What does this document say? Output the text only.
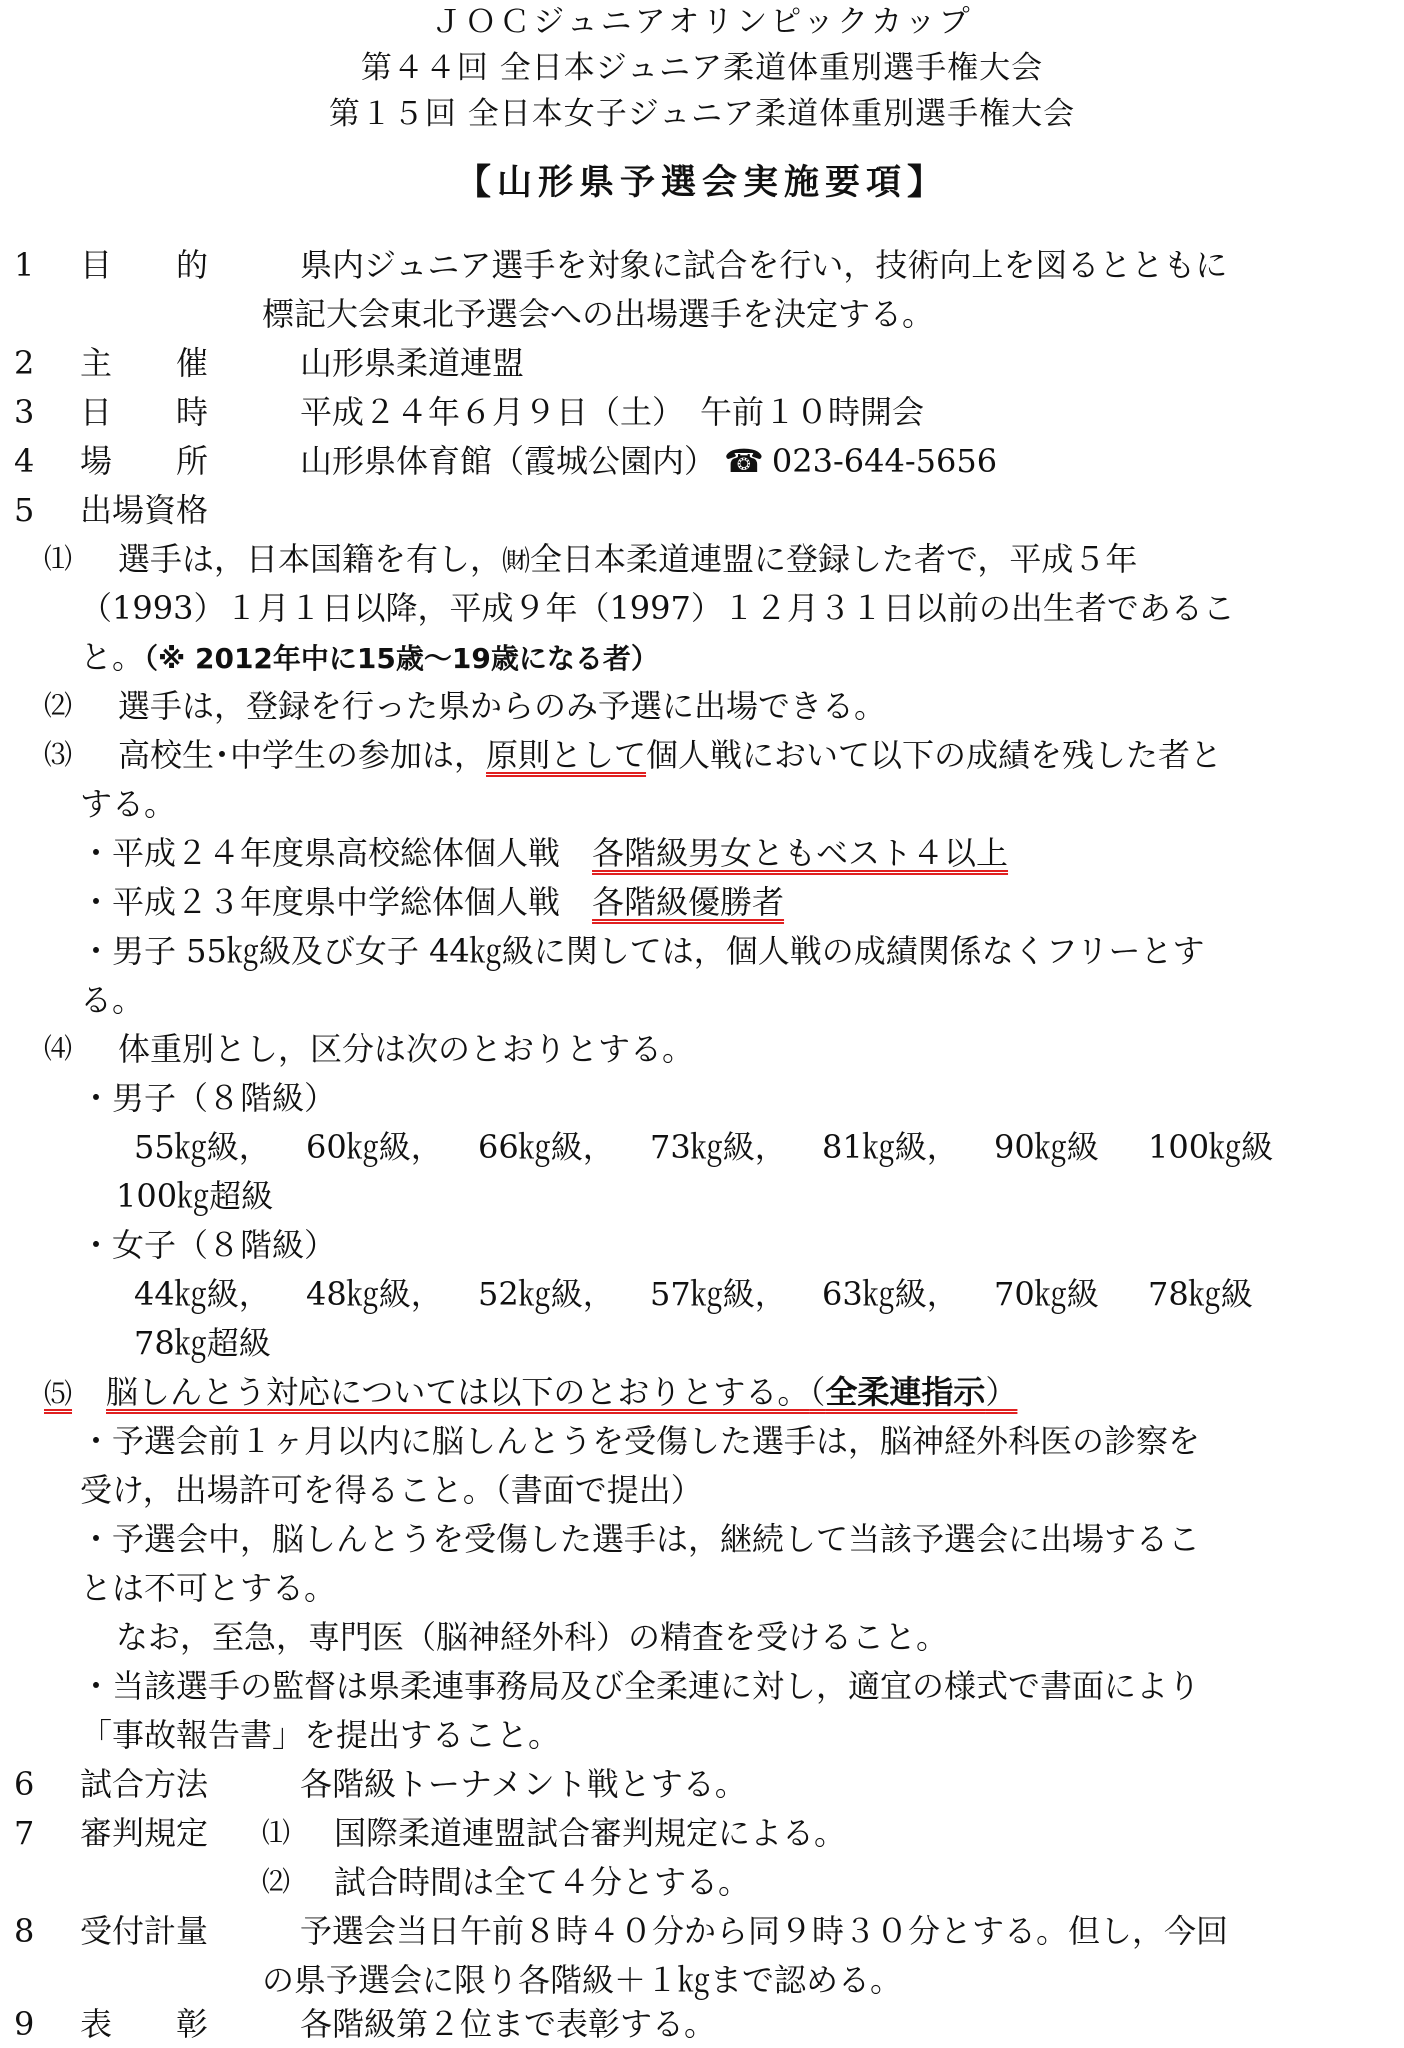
ＪＯＣジュニアオリンピックカップ
第４４回 全日本ジュニア柔道体重別選手権大会
第１５回 全日本女子ジュニア柔道体重別選手権大会
【山形県予選会実施要項】
1 目　　的	県内ジュニア選手を対象に試合を行い，技術向上を図るとともに
標記大会東北予選会への出場選手を決定する。
2 主　　催	山形県柔道連盟
3 日　　時	平成２４年６月９日（土）　午前１０時開会
4 場　　所	山形県体育館（霞城公園内） ☎ 023-644-5656
5 出場資格
⑴ 選手は，日本国籍を有し，㈶全日本柔道連盟に登録した者で，平成５年
（1993）１月１日以降，平成９年（1997）１２月３１日以前の出生者であるこ
と。（※ 2012年中に15歳～19歳になる者）
⑵ 選手は，登録を行った県からのみ予選に出場できる。
⑶ 高校生･中学生の参加は，原則として個人戦において以下の成績を残した者と
する。
・平成２４年度県高校総体個人戦　各階級男女ともベスト４以上
・平成２３年度県中学総体個人戦　各階級優勝者
・男子 55㎏級及び女子 44㎏級に関しては，個人戦の成績関係なくフリーとす
る。
⑷ 体重別とし，区分は次のとおりとする。
・男子（８階級）
55㎏級， 60㎏級， 66㎏級， 73㎏級， 81㎏級， 90㎏級 100㎏級
100㎏超級
・女子（８階級）
44㎏級， 48㎏級， 52㎏級， 57㎏級， 63㎏級， 70㎏級 78㎏級
78㎏超級
⑸ 脳しんとう対応については以下のとおりとする。（全柔連指示）
・予選会前１ヶ月以内に脳しんとうを受傷した選手は，脳神経外科医の診察を
受け，出場許可を得ること。（書面で提出）
・予選会中，脳しんとうを受傷した選手は，継続して当該予選会に出場するこ
とは不可とする。
なお，至急，専門医（脳神経外科）の精査を受けること。
・当該選手の監督は県柔連事務局及び全柔連に対し，適宜の様式で書面により
「事故報告書」を提出すること。
6 試合方法	各階級トーナメント戦とする。
7 審判規定 ⑴ 国際柔道連盟試合審判規定による。
⑵ 試合時間は全て４分とする。
8 受付計量	予選会当日午前８時４０分から同９時３０分とする。但し，今回
の県予選会に限り各階級＋１㎏まで認める。
9 表　　彰	各階級第２位まで表彰する。
